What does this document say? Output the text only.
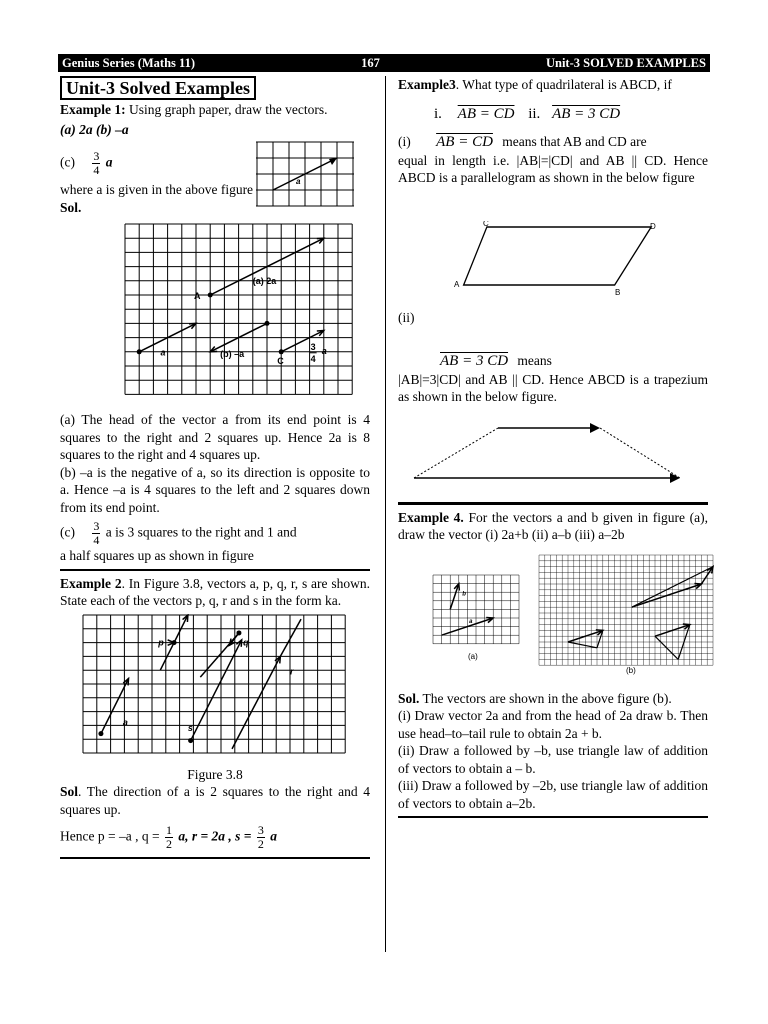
Genius Series (Maths 11)	167	Unit-3 SOLVED EXAMPLES
Unit-3 Solved Examples

Example 1: Using graph paper, draw the vectors.

(a) 2a (b) –a

$(c) \frac{3}{4}$ a

where a is given in the above figure

Sol.

a
A
(a) 2a
a	(b) –a
C
3
4
a

(a) The head of the vector a from its end point is 4 squares to the right and 2 squares up. Hence 2a is 8 squares to the right and 4 squares up.

(b) –a is the negative of a, so its direction is opposite to a. Hence –a is 4 squares to the left and 2 squares down from its end point.

$(c) \frac{3}{4}$ a is 3 squares to the right and 1 and

a half squares up as shown in figure

Example 2. In Figure 3.8, vectors a, p, q, r, s are shown. State each of the vectors p, q, r and s in the form ka.

a
p	q
s
r

Figure 3.8

Sol. The direction of a is 2 squares to the right and 4 squares up.

Hence p = –a , $q = \frac{1}{2} a$, r = 2a , $s = \frac{3}{2}$ a

Example3. What type of quadrilateral is ABCD, if

i. AB = CD ii. AB = 3 CD

(i) AB = CD means that AB and CD are

equal in length i.e. |AB|=|CD| and AB || CD. Hence ABCD is a parallelogram as shown in the below figure

A
C	D
B

(ii)

AB = 3 CD means

|AB|=3|CD| and AB || CD. Hence ABCD is a trapezium as shown in the below figure.

Example 4. For the vectors a and b given in figure (a), draw the vector (i) 2a+b (ii) a–b (iii) a–2b

b
a
(a)
(b)

Sol. The vectors are shown in the above figure (b).

(i) Draw vector 2a and from the head of 2a draw b. Then use head–to–tail rule to obtain 2a + b.

(ii) Draw a followed by –b, use triangle law of addition of vectors to obtain a – b.

(iii) Draw a followed by –2b, use triangle law of addition of vectors to obtain a–2b.
